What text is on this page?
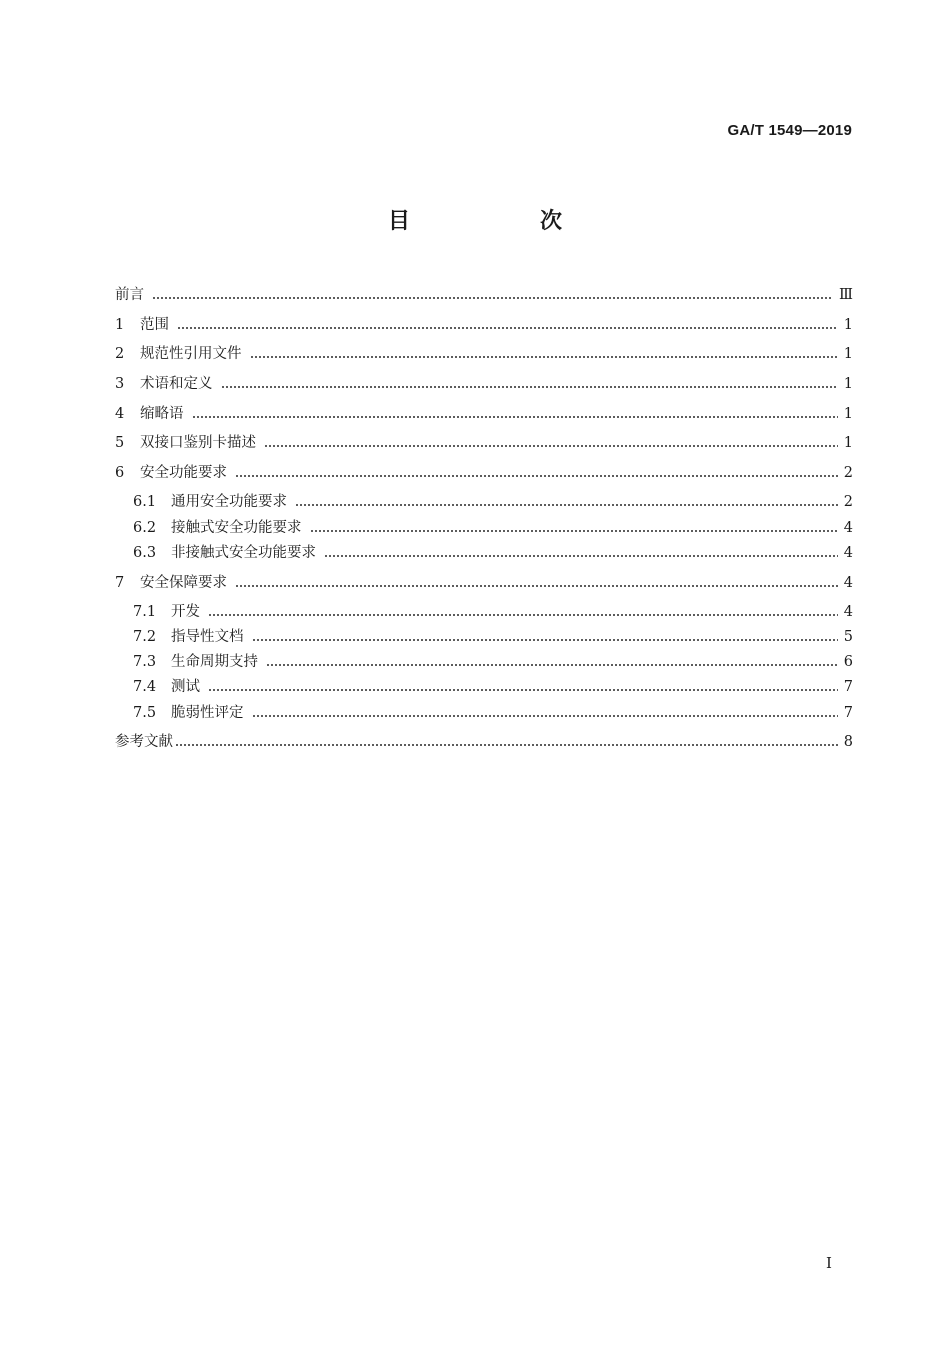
GA/T 1549—2019
目　次
前言	Ⅲ
1	范围	1
2	规范性引用文件	1
3	术语和定义	1
4	缩略语	1
5	双接口鉴别卡描述	1
6	安全功能要求	2
6.1	通用安全功能要求	2
6.2	接触式安全功能要求	4
6.3	非接触式安全功能要求	4
7	安全保障要求	4
7.1	开发	4
7.2	指导性文档	5
7.3	生命周期支持	6
7.4	测试	7
7.5	脆弱性评定	7
参考文献	8
I
